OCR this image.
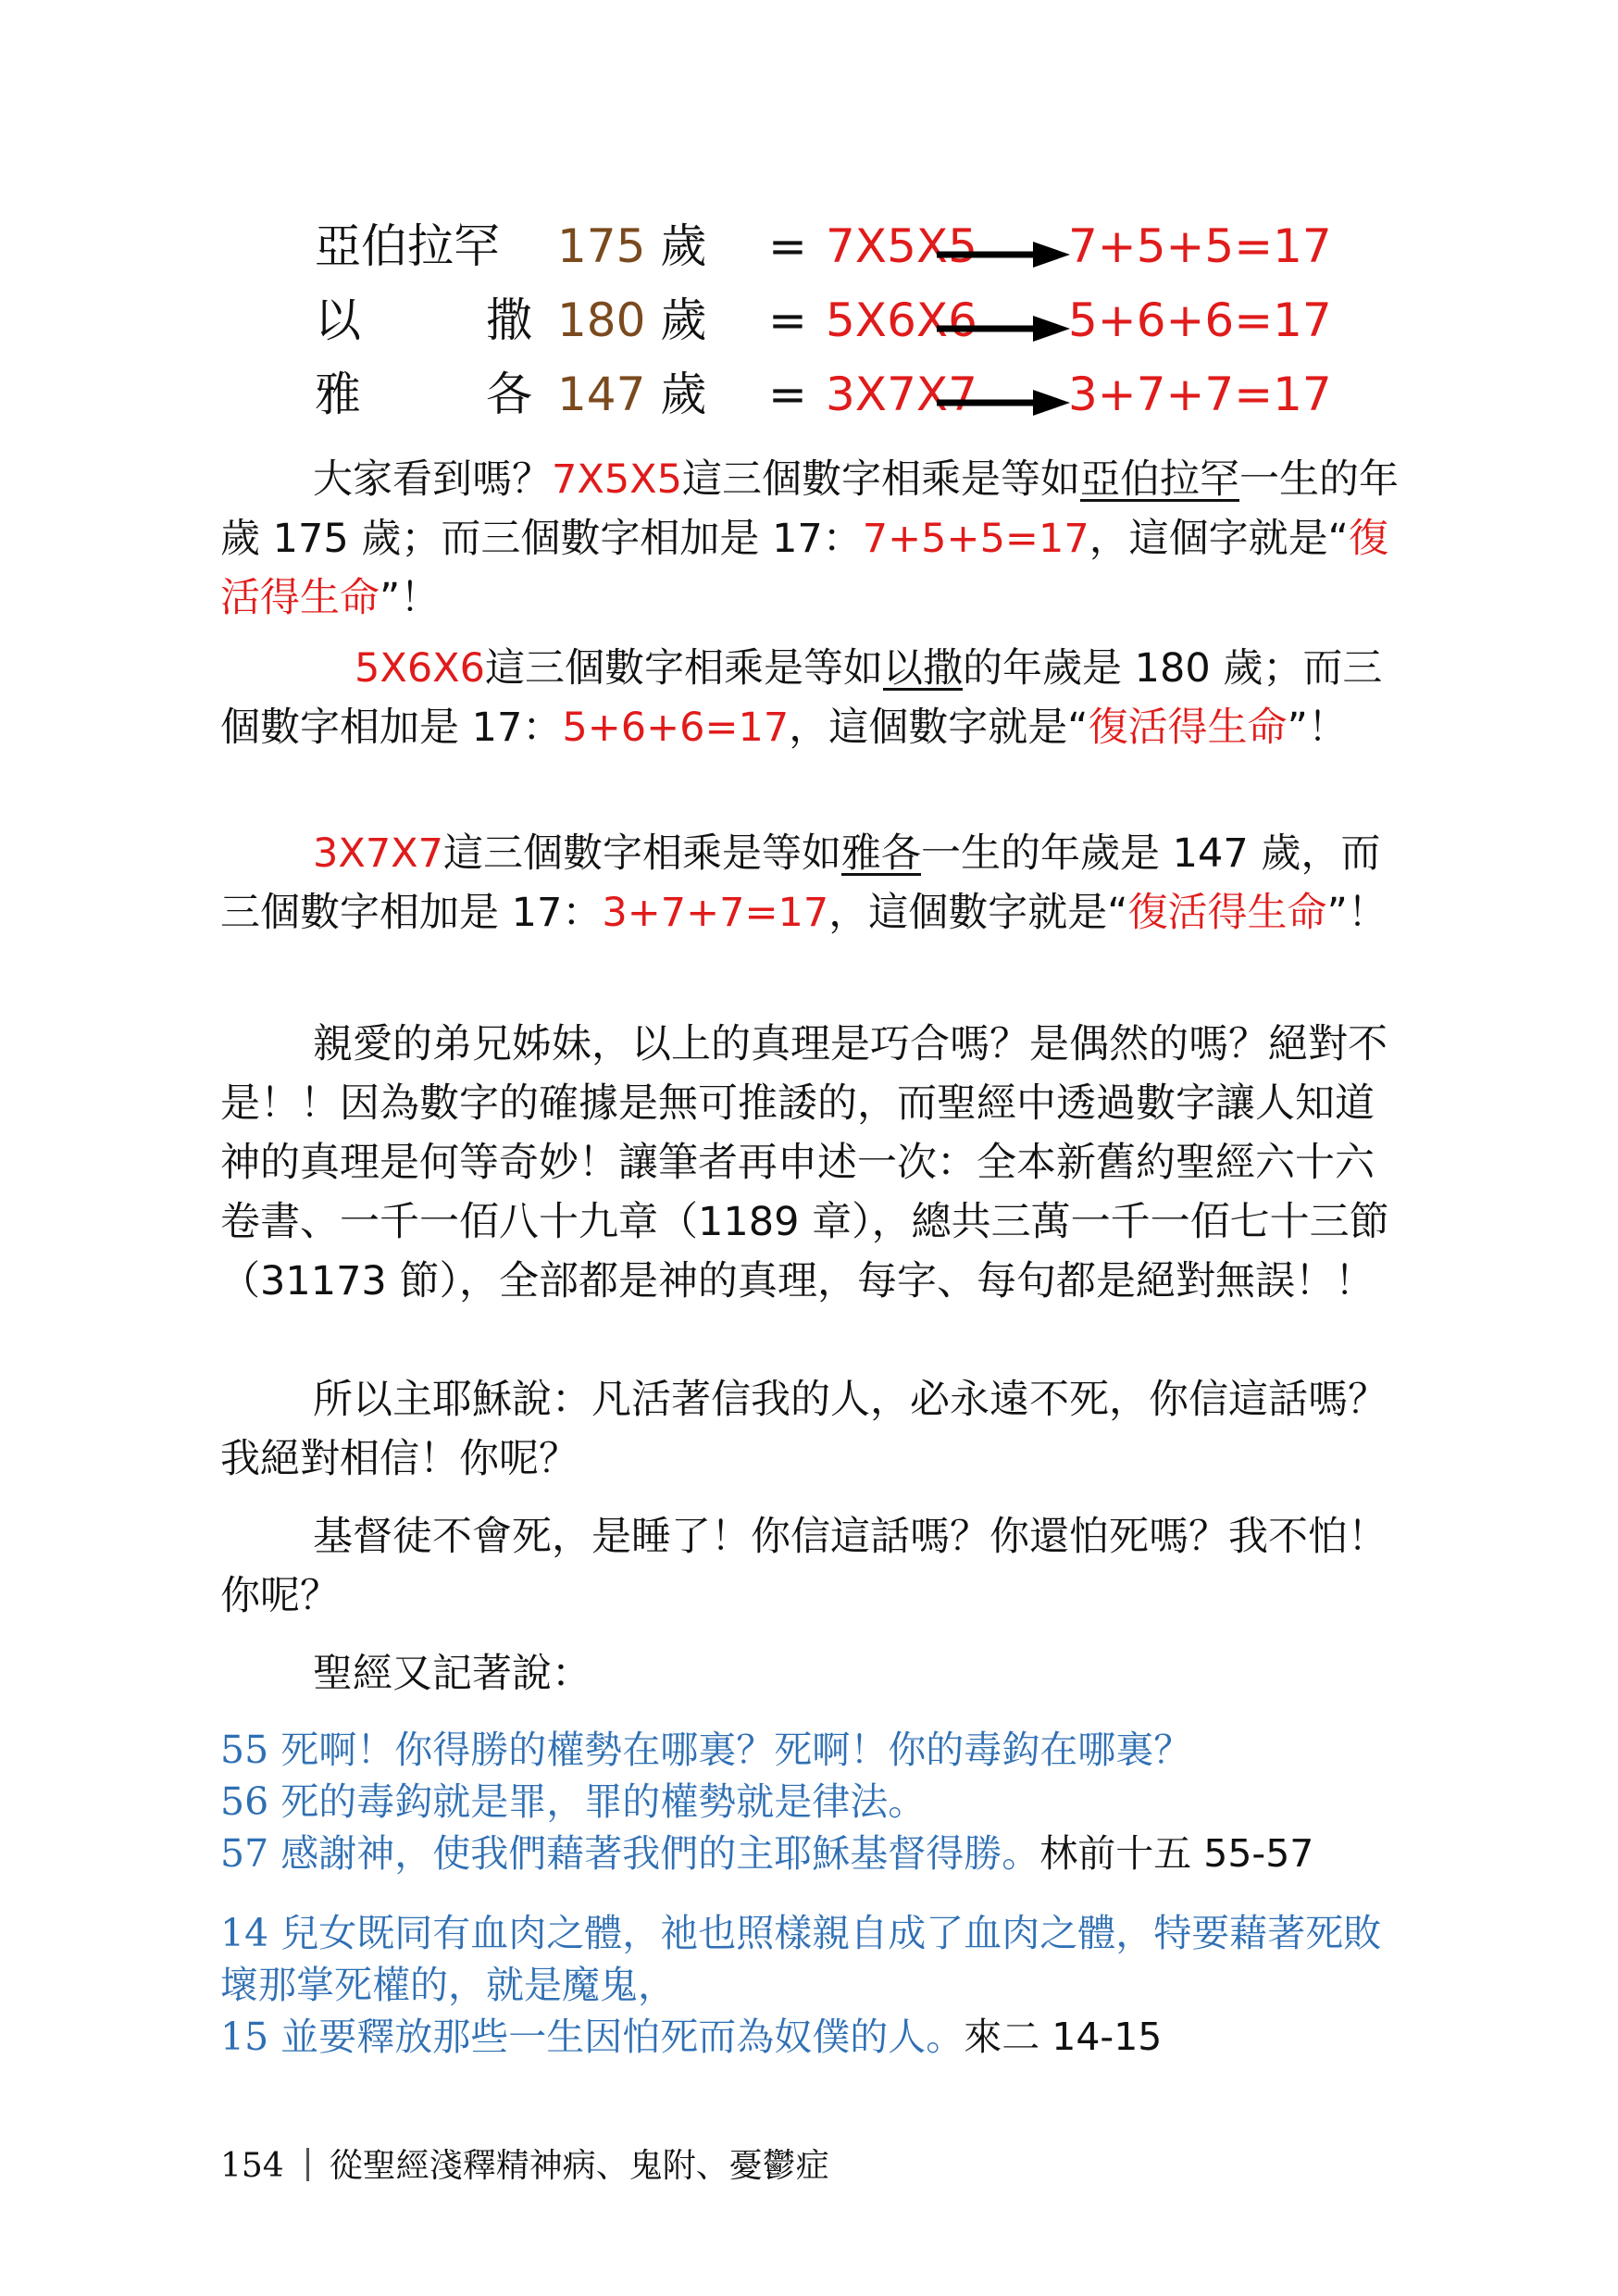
亞伯拉罕 175 歲 = 7X5X5 7+5+5=17
以	撒 180 歲 = 5X6X6 5+6+6=17
雅	各 147 歲 = 3X7X7 3+7+7=17

大家看到嗎？7X5X5這三個數字相乘是等如亞伯拉罕一生的年歲 175 歲；而三個數字相加是 17：7+5+5=17，這個字就是“復活得生命”！

5X6X6這三個數字相乘是等如以撒的年歲是 180 歲；而三個數字相加是 17：5+6+6=17，這個數字就是“復活得生命”！

3X7X7這三個數字相乘是等如雅各一生的年歲是 147 歲，而三個數字相加是 17：3+7+7=17，這個數字就是“復活得生命”！

親愛的弟兄姊妹，以上的真理是巧合嗎？是偶然的嗎？絕對不是！！因為數字的確據是無可推諉的，而聖經中透過數字讓人知道神的真理是何等奇妙！讓筆者再申述一次：全本新舊約聖經六十六卷書、一千一佰八十九章（1189 章），總共三萬一千一佰七十三節（31173 節），全部都是神的真理，每字、每句都是絕對無誤！！

所以主耶穌說：凡活著信我的人，必永遠不死，你信這話嗎？我絕對相信！你呢？

基督徒不會死，是睡了！你信這話嗎？你還怕死嗎？我不怕！你呢？

聖經又記著說：

55 死啊！你得勝的權勢在哪裏？死啊！你的毒鈎在哪裏？
56 死的毒鈎就是罪，罪的權勢就是律法。
57 感謝神，使我們藉著我們的主耶穌基督得勝。林前十五 55-57
14 兒女既同有血肉之體，祂也照樣親自成了血肉之體，特要藉著死敗壞那掌死權的，就是魔鬼，
15 並要釋放那些一生因怕死而為奴僕的人。來二 14-15
154 從聖經淺釋精神病、鬼附、憂鬱症
